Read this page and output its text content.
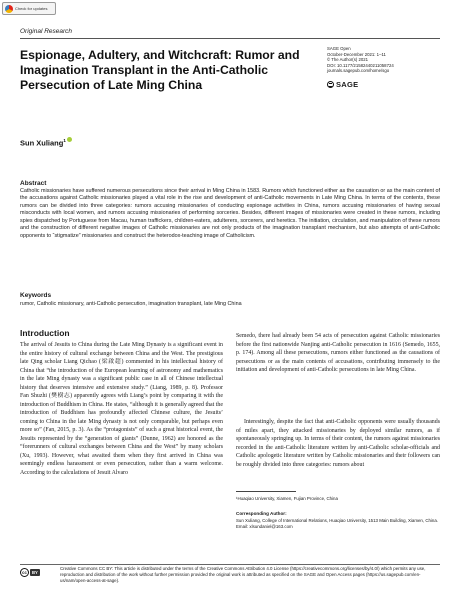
Check for updates
Original Research
SAGE Open
October-December 2021: 1–11
© The Author(s) 2021
DOI: 10.1177/21582440211058724
journals.sagepub.com/home/sgo
SAGE
Espionage, Adultery, and Witchcraft: Rumor and Imagination Transplant in the Anti-Catholic Persecution of Late Ming China
Sun Xuliang$^1$
Abstract

Catholic missionaries have suffered numerous persecutions since their arrival in Ming China in 1583. Rumors which functioned either as the causation or as the main content of the accusations against Catholic missionaries played a vital role in the rise and development of anti-Catholic movements in Late Ming China. In terms of the contents, these rumors can be divided into three categories: rumors accusing missionaries of conducting espionage activities in China, rumors accusing missionaries of having sexual misconducts with local women, and rumors accusing missionaries of performing sorceries. Besides, different images of missionaries were created in these rumors, including spies dispatched by Portuguese from Macau, human traffickers, children-eaters, adulterers, sorcerers, and heretics. The initiation, circulation, and manipulation of these rumors and the construction of different negative images of Catholic missionaries are not only products of the imagination transplant mechanism, but also attempts of anti-Catholic opponents to “stigmatize” missionaries and construct the heterodox-teaching image of Catholicism.

Keywords

rumor, Catholic missionary, anti-Catholic persecution, imagination transplant, late Ming China

Introduction

The arrival of Jesuits to China during the Late Ming Dynasty is a significant event in the entire history of cultural exchange between China and the West. The prestigious late Qing scholar Liang Qichao (梁啟超) commented in his intellectual history of China that “the introduction of the European learning of astronomy and mathematics in the late Ming dynasty was a significant public case in all of Chinese intellectual history that deserves intensive and extensive study.” (Liang, 1989, p. 8). Professor Fan Shuzhi (樊樹志) apparently agrees with Liang’s point by comparing it with the introduction of Buddhism in China. He states, “although it is generally agreed that the introduction of Buddhism has profoundly affected Chinese culture, the Jesuits’ coming to China in the late Ming dynasty is not only comparable, but perhaps even more so” (Fan, 2015, p. 3). As the “protagonists” of such a great historical event, the Jesuits represented by the “generation of giants” (Dunne, 1962) are honored as the “forerunners of cultural exchanges between China and the West” by many scholars (Xu, 1993). However, what awaited them when they first arrived in China was seemingly endless harassment or even persecution, rather than a warm welcome. According to the calculations of Jesuit Alvaro

Semedo, there had already been 54 acts of persecution against Catholic missionaries before the first nationwide Nanjing anti-Catholic persecution in 1616 (Semedo, 1655, p. 174). Among all these persecutions, rumors either functioned as the causations of persecutions or as the main contents of accusations, contributing immensely to the initiation and development of anti-Catholic persecutions in late Ming China.

Interestingly, despite the fact that anti-Catholic opponents were usually thousands of miles apart, they attacked missionaries by deployed similar rumors, as if spontaneously springing up. In terms of their content, the rumors against missionaries recorded in the anti-Catholic literature written by anti-Catholic scholar-officials and Catholic apologetic literature written by Catholic missionaries and their followers can be roughly divided into three categories: rumors about

¹Huaqiao University, Xiamen, Fujian Province, China

Corresponding Author:

Sun Xuliang, College of International Relations, Huaqiao University, 1513 Main Building, Xiamen, China.
Email: xlsundaniel@163.com
cc	BY

Creative Commons CC BY: This article is distributed under the terms of the Creative Commons Attribution 4.0 License (https://creativecommons.org/licenses/by/4.0/) which permits any use, reproduction and distribution of the work without further permission provided the original work is attributed as specified on the SAGE and Open Access pages (https://us.sagepub.com/en-us/nam/open-access-at-sage).
